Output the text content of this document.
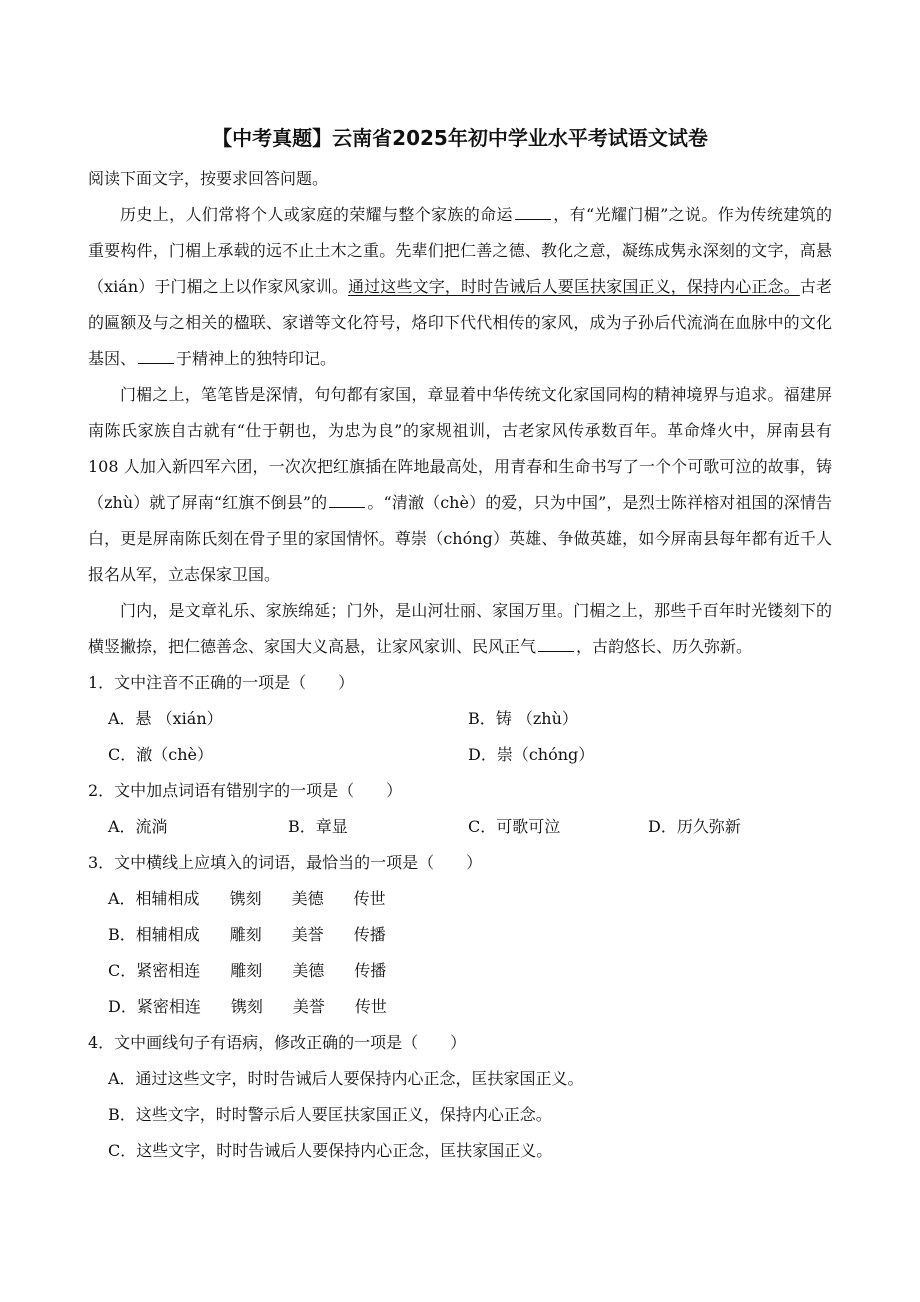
【中考真题】云南省2025年初中学业水平考试语文试卷

阅读下面文字，按要求回答问题。

历史上，人们常将个人或家庭的荣耀与整个家族的命运	，有“光耀门楣”之说。作为传统建筑的重要构件，门楣上承载的远不止土木之重。先辈们把仁善之德、教化之意，凝练成隽永深刻的文字，高悬（xián）于门楣之上以作家风家训。通过这些文字，时时告诫后人要匡扶家国正义，保持内心正念。古老的匾额及与之相关的楹联、家谱等文化符号，烙印下代代相传的家风，成为子孙后代流淌在血脉中的文化基因、	于精神上的独特印记。

门楣之上，笔笔皆是深情，句句都有家国，章显着中华传统文化家国同构的精神境界与追求。福建屏南陈氏家族自古就有“仕于朝也，为忠为良”的家规祖训，古老家风传承数百年。革命烽火中，屏南县有 108 人加入新四军六团，一次次把红旗插在阵地最高处，用青春和生命书写了一个个可歌可泣的故事，铸（zhù）就了屏南“红旗不倒县”的	。“清澈（chè）的爱，只为中国”，是烈士陈祥榕对祖国的深情告白，更是屏南陈氏刻在骨子里的家国情怀。尊崇（chóng）英雄、争做英雄，如今屏南县每年都有近千人报名从军，立志保家卫国。

门内，是文章礼乐、家族绵延；门外，是山河壮丽、家国万里。门楣之上，那些千百年时光镂刻下的横竖撇捺，把仁德善念、家国大义高悬，让家风家训、民风正气	，古韵悠长、历久弥新。

1．文中注音不正确的一项是（　　）
A．悬 （xián）	B．铸 （zhù）
C．澈（chè）	D．崇（chóng）
2．文中加点词语有错别字的一项是（　　）
A．流淌	B．章显	C．可歌可泣	D．历久弥新
3．文中横线上应填入的词语，最恰当的一项是（　　）
A．相辅相成 镌刻 美德 传世
B．相辅相成 雕刻 美誉 传播
C．紧密相连 雕刻 美德 传播
D．紧密相连 镌刻 美誉 传世
4．文中画线句子有语病，修改正确的一项是（　　）
A．通过这些文字，时时告诫后人要保持内心正念，匡扶家国正义。
B．这些文字，时时警示后人要匡扶家国正义，保持内心正念。
C．这些文字，时时告诫后人要保持内心正念，匡扶家国正义。
